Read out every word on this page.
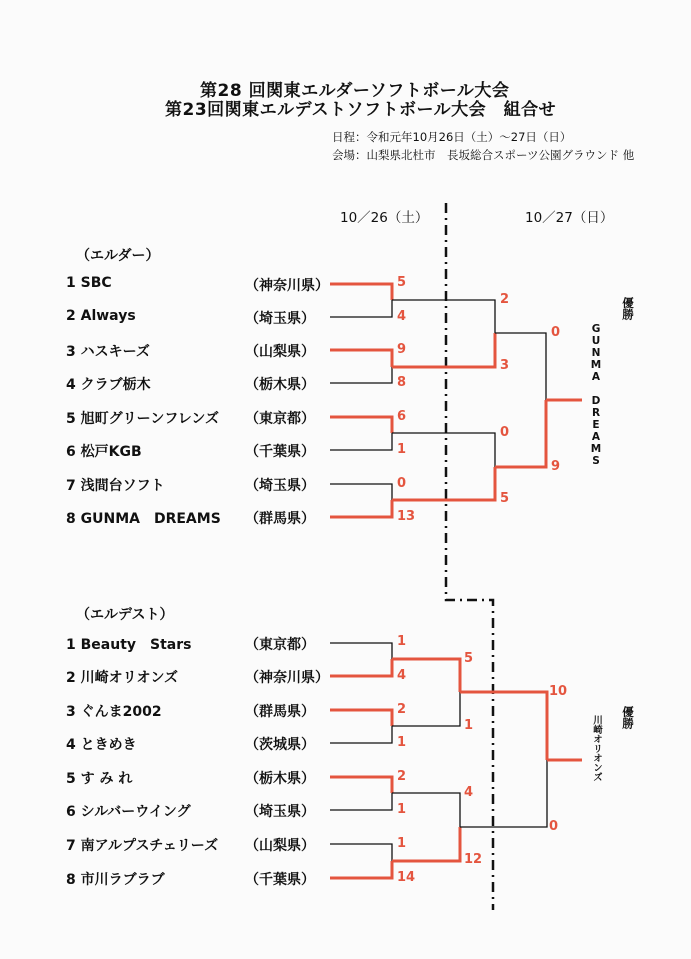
第28 回関東エルダーソフトボール大会
第23回関東エルデストソフトボール大会　組合せ
日程：令和元年10月26日（土）～27日（日）
会場：山梨県北杜市　長坂総合スポーツ公園グラウンド 他
10／26（土）	10／27（日）
（エルダー）
1 SBC
2 Always
3 ハスキーズ
4 クラブ栃木
5 旭町グリーンフレンズ
6 松戸KGB
7 浅間台ソフト
8 GUNMA　DREAMS
（神奈川県）
（埼玉県）
（山梨県）
（栃木県）
（東京都）
（千葉県）
（埼玉県）
（群馬県）
5
4
9
8
6
1
0
13
2
3
0
5
0
9
優勝
GUNMA DREAMS
（エルデスト）
1 Beauty　Stars
2 川崎オリオンズ
3 ぐんま2002
4 ときめき
5 す み れ
6 シルバーウイング
7 南アルプスチェリーズ
8 市川ラブラブ
（東京都）
（神奈川県）
（群馬県）
（茨城県）
（栃木県）
（埼玉県）
（山梨県）
（千葉県）
1
4
2
1
2
1
1
14
5
1
4
12
10
0
優勝
川崎オリオンズ
